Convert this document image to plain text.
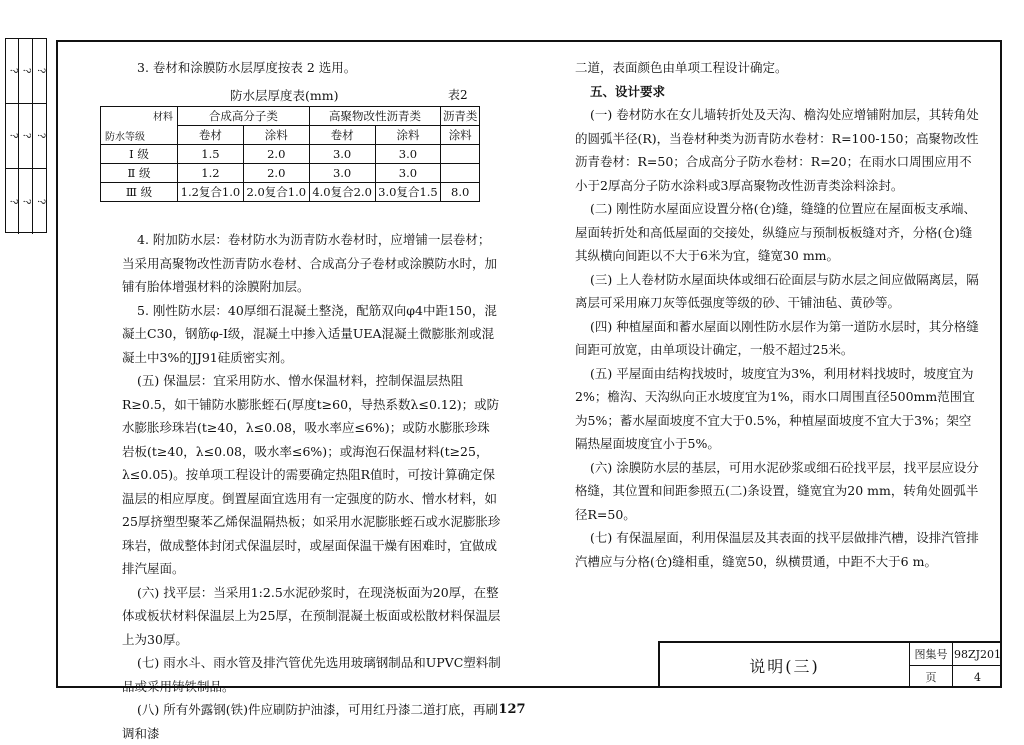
? ? ?
? ? ?
? ? ?

3. 卷材和涂膜防水层厚度按表 2 选用。

防水层厚度表(mm)	表2
材料
防水等级	合成高分子类		高聚物改性沥青类		沥青类
	卷材	涂料	卷材	涂料	涂料
Ⅰ 级	1.5	2.0	3.0	3.0	
Ⅱ 级	1.2	2.0	3.0	3.0	
Ⅲ 级	1.2复合1.0	2.0复合1.0	4.0复合2.0	3.0复合1.5	8.0

4. 附加防水层：卷材防水为沥青防水卷材时，应增铺一层卷材；当采用高聚物改性沥青防水卷材、合成高分子卷材或涂膜防水时，加铺有胎体增强材料的涂膜附加层。

5. 刚性防水层：40厚细石混凝土整浇，配筋双向φ4中距150，混凝土C30，钢筋φ-Ⅰ级，混凝土中掺入适量UEA混凝土微膨胀剂或混凝土中3%的JJ91硅质密实剂。

(五) 保温层：宜采用防水、憎水保温材料，控制保温层热阻R≥0.5，如干铺防水膨胀蛭石(厚度t≥60，导热系数λ≤0.12)；或防水膨胀珍珠岩(t≥40，λ≤0.08，吸水率应≤6%)；或防水膨胀珍珠岩板(t≥40，λ≤0.08，吸水率≤6%)；或海泡石保温材料(t≥25，λ≤0.05)。按单项工程设计的需要确定热阻R值时，可按计算确定保温层的相应厚度。倒置屋面宜选用有一定强度的防水、憎水材料，如25厚挤塑型聚苯乙烯保温隔热板；如采用水泥膨胀蛭石或水泥膨胀珍珠岩，做成整体封闭式保温层时，或屋面保温干燥有困难时，宜做成排汽屋面。

(六) 找平层：当采用1:2.5水泥砂浆时，在现浇板面为20厚，在整体或板状材料保温层上为25厚，在预制混凝土板面或松散材料保温层上为30厚。

(七) 雨水斗、雨水管及排汽管优先选用玻璃钢制品和UPVC塑料制品或采用铸铁制品。

(八) 所有外露钢(铁)件应刷防护油漆，可用红丹漆二道打底，再刷调和漆

二道，表面颜色由单项工程设计确定。

五、设计要求

(一) 卷材防水在女儿墙转折处及天沟、檐沟处应增铺附加层，其转角处的圆弧半径(R)，当卷材种类为沥青防水卷材：R=100-150；高聚物改性沥青卷材：R=50；合成高分子防水卷材：R=20；在雨水口周围应用不小于2厚高分子防水涂料或3厚高聚物改性沥青类涂料涂封。

(二) 刚性防水屋面应设置分格(仓)缝，缝缝的位置应在屋面板支承端、屋面转折处和高低屋面的交接处，纵缝应与预制板板缝对齐，分格(仓)缝其纵横向间距以不大于6米为宜，缝宽30 mm。

(三) 上人卷材防水屋面块体或细石砼面层与防水层之间应做隔离层，隔离层可采用麻刀灰等低强度等级的砂、干铺油毡、黄砂等。

(四) 种植屋面和蓄水屋面以刚性防水层作为第一道防水层时，其分格缝间距可放宽，由单项设计确定，一般不超过25米。

(五) 平屋面由结构找坡时，坡度宜为3%，利用材料找坡时，坡度宜为2%；檐沟、天沟纵向正水坡度宜为1%，雨水口周围直径500mm范围宜为5%；蓄水屋面坡度不宜大于0.5%，种植屋面坡度不宜大于3%；架空隔热屋面坡度宜小于5%。

(六) 涂膜防水层的基层，可用水泥砂浆或细石砼找平层，找平层应设分格缝，其位置和间距参照五(二)条设置，缝宽宜为20 mm，转角处圆弧半径R=50。

(七) 有保温屋面，利用保温层及其表面的找平层做排汽槽，设排汽管排汽槽应与分格(仓)缝相重，缝宽50，纵横贯通，中距不大于6 m。

说明(三)
图集号 98ZJ201
页	4
127
